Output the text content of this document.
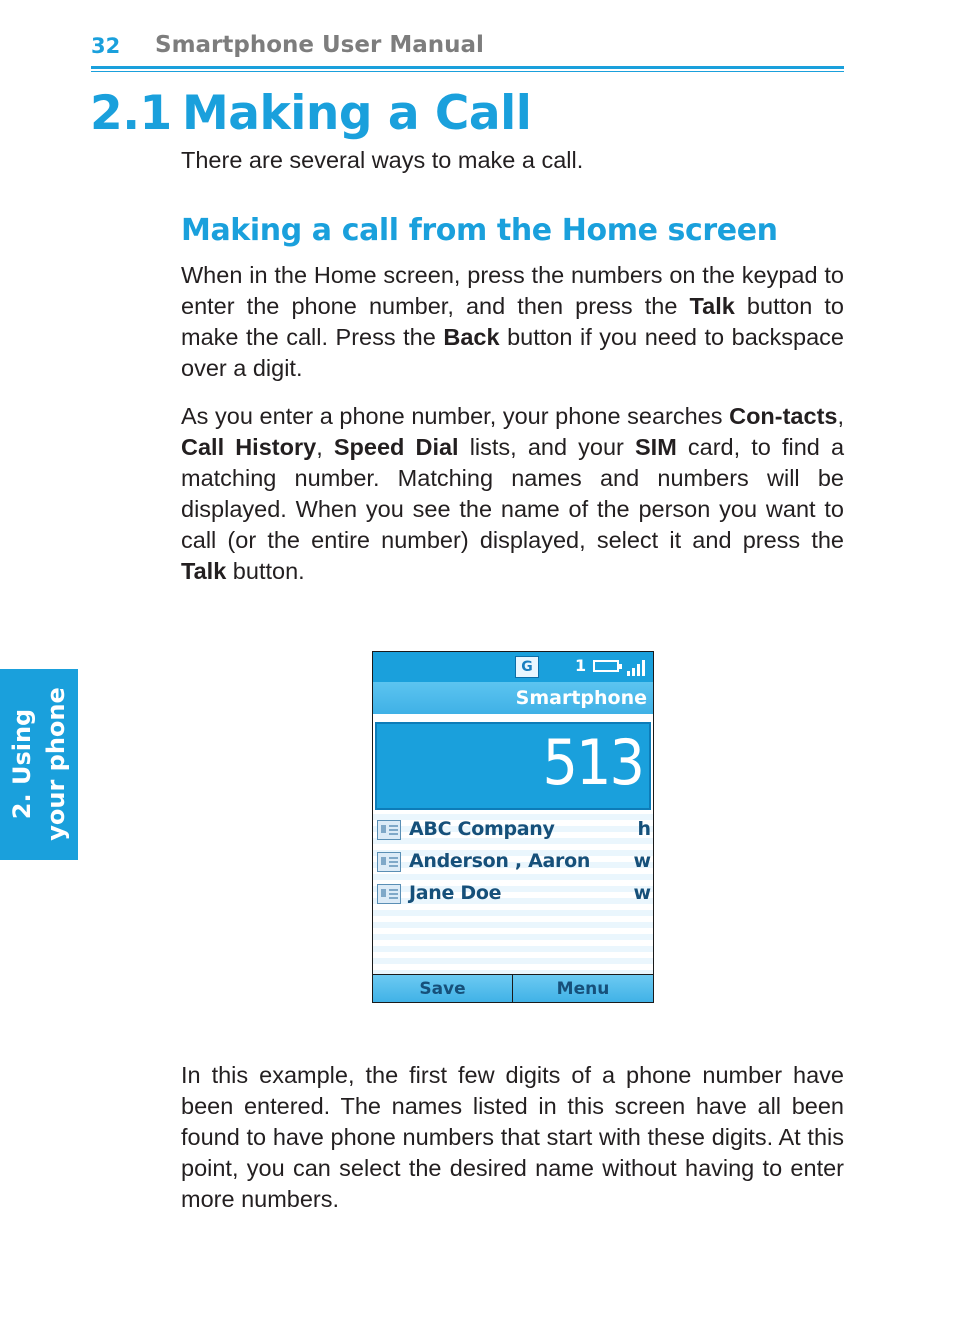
32 Smartphone User Manual
2.1 Making a Call
There are several ways to make a call.
Making a call from the Home screen
When in the Home screen, press the numbers on the keypad to enter the phone number, and then press the Talk button to make the call. Press the Back button if you need to backspace over a digit.
As you enter a phone number, your phone searches Con-tacts, Call History, Speed Dial lists, and your SIM card, to find a matching number. Matching names and numbers will be displayed. When you see the name of the person you want to call (or the entire number) displayed, select it and press the Talk button.
2. Using your phone
G	1
Smartphone
513
ABC Company	h
Anderson , Aaron w
Jane Doe	w
Save	Menu
In this example, the first few digits of a phone number have been entered. The names listed in this screen have all been found to have phone numbers that start with these digits. At this point, you can select the desired name without having to enter more numbers.
